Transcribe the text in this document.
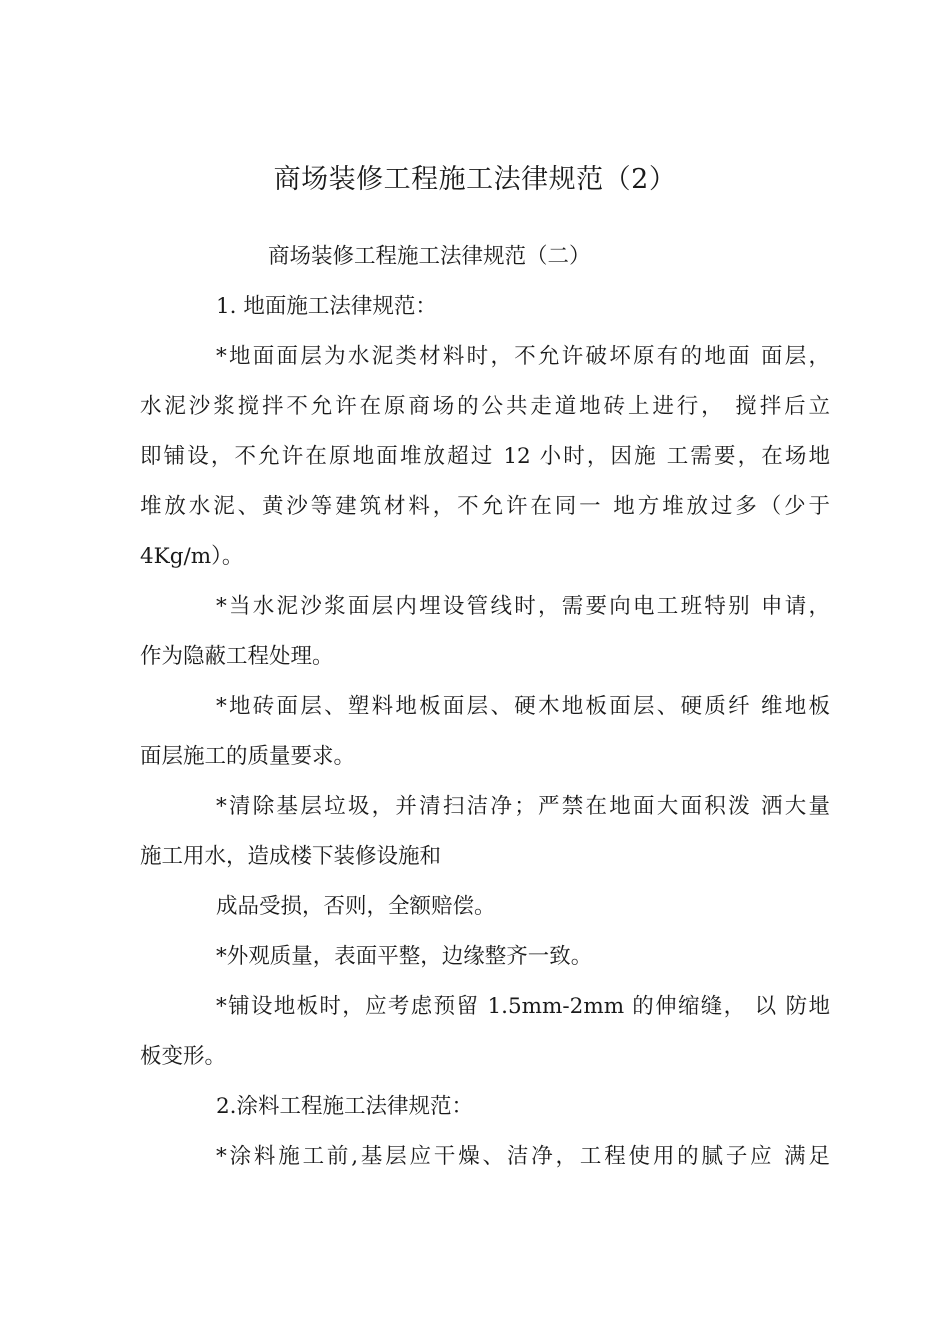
商场装修工程施工法律规范（2）
商场装修工程施工法律规范（二）
1. 地面施工法律规范：
*地面面层为水泥类材料时，不允许破坏原有的地面 面层，
水泥沙浆搅拌不允许在原商场的公共走道地砖上进行， 搅拌后立
即铺设，不允许在原地面堆放超过 12 小时，因施 工需要，在场地
堆放水泥、黄沙等建筑材料，不允许在同一 地方堆放过多（少于
4Kg/m）。
*当水泥沙浆面层内埋设管线时，需要向电工班特别 申请，
作为隐蔽工程处理。
*地砖面层、塑料地板面层、硬木地板面层、硬质纤 维地板
面层施工的质量要求。
*清除基层垃圾，并清扫洁净；严禁在地面大面积泼 洒大量
施工用水，造成楼下装修设施和
成品受损，否则，全额赔偿。
*外观质量，表面平整，边缘整齐一致。
*铺设地板时，应考虑预留 1.5mm-2mm 的伸缩缝， 以 防地
板变形。
2.涂料工程施工法律规范：
*涂料施工前,基层应干燥、洁净，工程使用的腻子应 满足
